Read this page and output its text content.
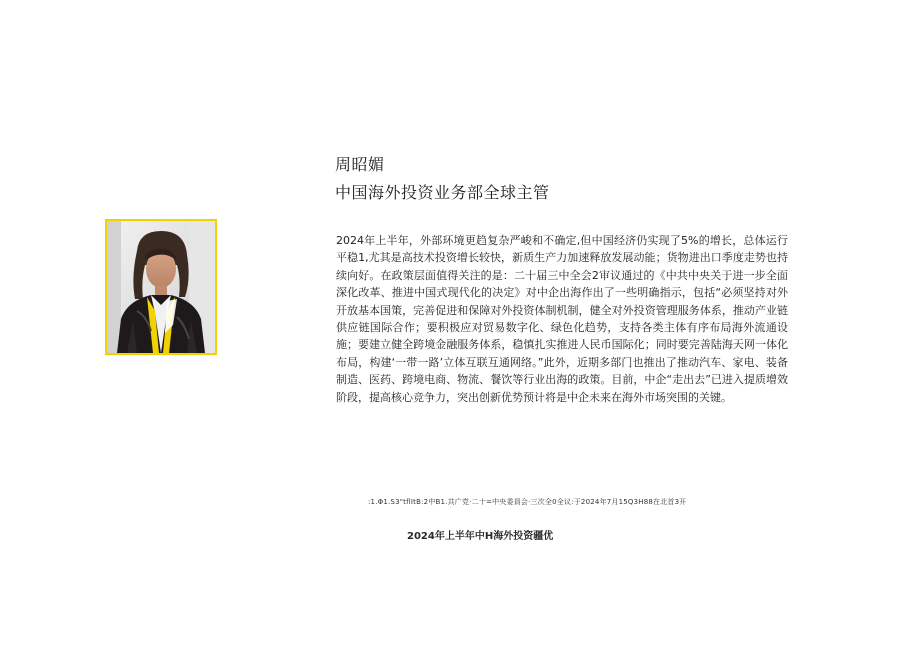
周昭媚
中国海外投资业务部全球主管

2024年上半年，外部环境更趋复杂严峻和不确定,但中国经济仍实现了5%的增长，总体运行平稳1,尤其是高技术投资增长较快，新质生产力加速释放发展动能；货物进出口季度走势也持续向好。在政策层面值得关注的是：二十届三中全会2审议通过的《中共中央关于进一步全面深化改革、推进中国式现代化的决定》对中企出海作出了一些明确指示，包括“必须坚持对外开放基本国策，完善促进和保障对外投资体制机制，健全对外投资管理服务体系，推动产业链供应链国际合作；要积极应对贸易数字化、绿色化趋势，支持各类主体有序布局海外流通设施；要建立健全跨境金融服务体系，稳慎扎实推进人民币国际化；同时要完善陆海天网一体化布局，构建‘一带一路’立体互联互通网络。”此外，近期多部门也推出了推动汽车、家电、装备制造、医药、跨境电商、物流、餐饮等行业出海的政策。目前，中企“走出去”已进入提质增效阶段，提高核心竞争力，突出创新优势预计将是中企未来在海外市场突围的关键。

:1.Φ1.S3"tflItB:2中B1.共广党·二十=中央委員会·三次全0全议:于2024年7月15Q3H88在北首3开
2024年上半年中H海外投资疆优
